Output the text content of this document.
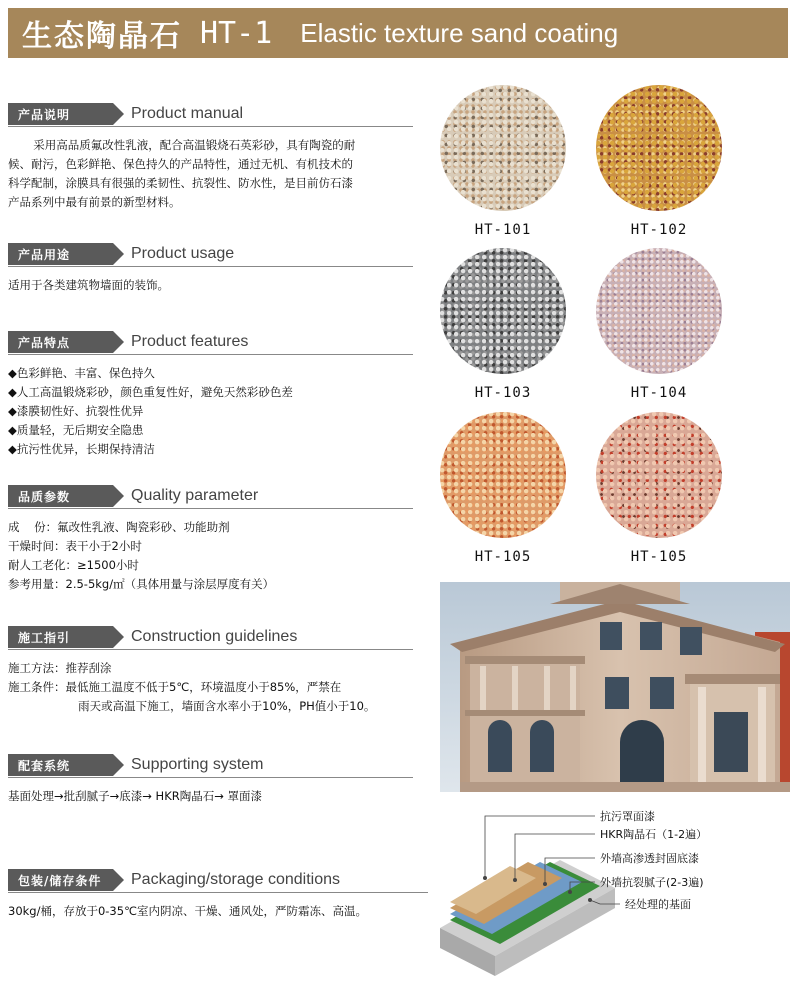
生态陶晶石 HT-1 Elastic texture sand coating
产品说明	Product manual
采用高品质氟改性乳液，配合高温锻烧石英彩砂，具有陶瓷的耐
候、耐污，色彩鲜艳、保色持久的产品特性，通过无机、有机技术的
科学配制，涂膜具有很强的柔韧性、抗裂性、防水性，是目前仿石漆
产品系列中最有前景的新型材料。
产品用途	Product usage
适用于各类建筑物墙面的装饰。
产品特点	Product features
◆色彩鲜艳、丰富、保色持久
◆人工高温锻烧彩砂，颜色重复性好，避免天然彩砂色差
◆漆膜韧性好、抗裂性优异
◆质量轻，无后期安全隐患
◆抗污性优异，长期保持清洁
品质参数	Quality parameter
成    份：氟改性乳液、陶瓷彩砂、功能助剂
干燥时间：表干小于2小时
耐人工老化：≥1500小时
参考用量：2.5-5kg/㎡（具体用量与涂层厚度有关）
施工指引	Construction guidelines
施工方法：推荐刮涂
施工条件：最低施工温度不低于5℃，环境温度小于85%，严禁在
雨天或高温下施工，墙面含水率小于10%，PH值小于10。
配套系统	Supporting system
基面处理→批刮腻子→底漆→ HKR陶晶石→ 罩面漆
包装/储存条件	Packaging/storage conditions
30kg/桶，存放于0-35℃室内阴凉、干燥、通风处，严防霜冻、高温。
HT-101	HT-102
HT-103	HT-104
HT-105	HT-105
抗污罩面漆
HKR陶晶石（1-2遍）
外墙高渗透封固底漆
外墙抗裂腻子(2-3遍)
经处理的基面
